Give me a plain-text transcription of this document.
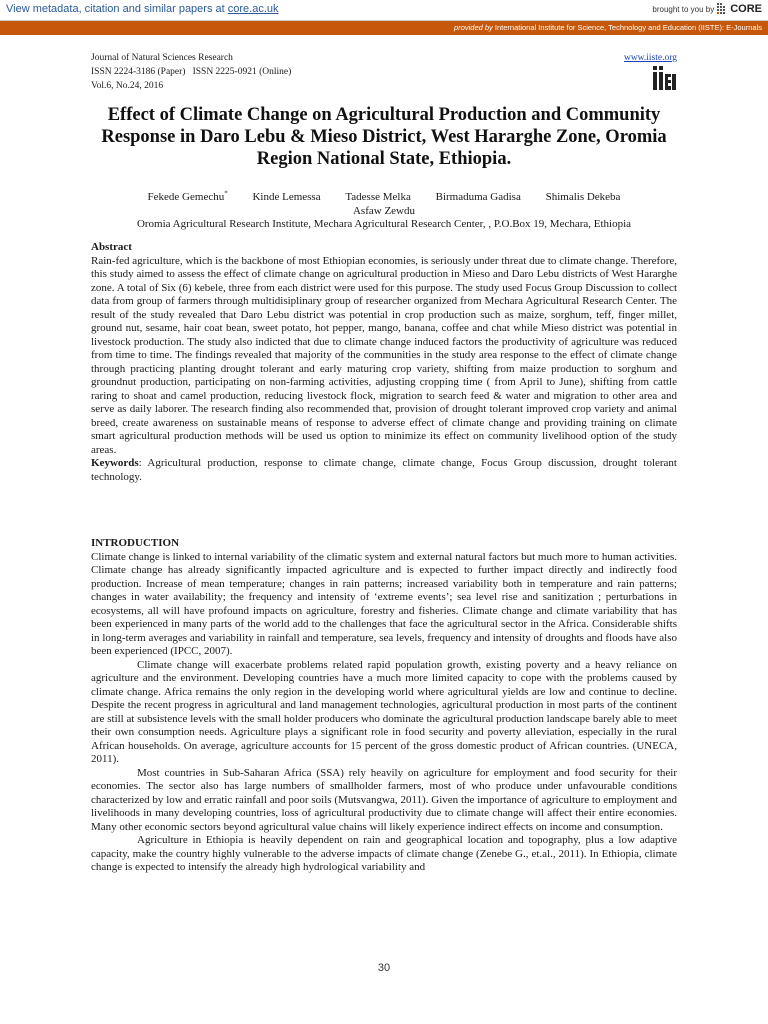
View metadata, citation and similar papers at core.ac.uk	brought to you by CORE
provided by International Institute for Science, Technology and Education (IISTE): E-Journals
Journal of Natural Sciences Research
ISSN 2224-3186 (Paper)   ISSN 2225-0921 (Online)
Vol.6, No.24, 2016
www.iiste.org
Effect of Climate Change on Agricultural Production and Community Response in Daro Lebu & Mieso District, West Hararghe Zone, Oromia Region National State, Ethiopia.
Fekede Gemechu* Kinde Lemessa Tadesse Melka Birmaduma Gadisa Shimalis Dekeba
Asfaw Zewdu
Oromia Agricultural Research Institute, Mechara Agricultural Research Center, , P.O.Box 19, Mechara, Ethiopia

Abstract

Rain-fed agriculture, which is the backbone of most Ethiopian economies, is seriously under threat due to climate change. Therefore, this study aimed to assess the effect of climate change on agricultural production in Mieso and Daro Lebu districts of West Hararghe zone. A total of Six (6) kebele, three from each district were used for this purpose. The study used Focus Group Discussion to collect data from group of farmers through multidisiplinary group of researcher organized from Mechara Agricultural Research Center. The result of the study revealed that Daro Lebu district was potential in crop production such as maize, sorghum, teff, finger millet, ground nut, sesame, hair coat bean, sweet potato, hot pepper, mango, banana, coffee and chat while Mieso district was potential in livestock production. The study also indicted that due to climate change induced factors the productivity of agriculture was reduced from time to time. The findings revealed that majority of the communities in the study area response to the effect of climate change through practicing planting drought tolerant and early maturing crop variety, shifting from maize production to sorghum and groundnut production, participating on non-farming activities, adjusting cropping time ( from April to June), shifting from cattle raring to shoat and camel production, reducing livestock flock, migration to search feed & water and migration to other area and serve as daily laborer. The research finding also recommended that, provision of drought tolerant improved crop variety and animal breed, create awareness on sustainable means of response to adverse effect of climate change and providing training on climate smart agricultural production methods will be used us option to minimize its effect on community livelihood option of the study areas.

Keywords: Agricultural production, response to climate change, climate change, Focus Group discussion, drought tolerant technology.

INTRODUCTION

Climate change is linked to internal variability of the climatic system and external natural factors but much more to human activities. Climate change has already significantly impacted agriculture and is expected to further impact directly and indirectly food production. Increase of mean temperature; changes in rain patterns; increased variability both in temperature and rain patterns; changes in water availability; the frequency and intensity of ‘extreme events’; sea level rise and sanitization ; perturbations in ecosystems, all will have profound impacts on agriculture, forestry and fisheries. Climate change and climate variability that has been experienced in many parts of the world add to the challenges that face the agricultural sector in the Africa. Considerable shifts in long-term averages and variability in rainfall and temperature, sea levels, frequency and intensity of droughts and floods have also been experienced (IPCC, 2007).

Climate change will exacerbate problems related rapid population growth, existing poverty and a heavy reliance on agriculture and the environment. Developing countries have a much more limited capacity to cope with the problems caused by climate change. Africa remains the only region in the developing world where agricultural yields are low and continue to decline. Despite the recent progress in agricultural and land management technologies, agricultural production in most parts of the continent are still at subsistence levels with the small holder producers who dominate the agricultural production landscape barely able to meet their own consumption needs. Agriculture plays a significant role in food security and poverty alleviation, especially in the rural African households. On average, agriculture accounts for 15 percent of the gross domestic product of African countries. (UNECA, 2011).

Most countries in Sub-Saharan Africa (SSA) rely heavily on agriculture for employment and food security for their economies. The sector also has large numbers of smallholder farmers, most of who produce under unfavourable conditions characterized by low and erratic rainfall and poor soils (Mutsvangwa, 2011). Given the importance of agriculture to employment and livelihoods in many developing countries, loss of agricultural productivity due to climate change will affect their entire economies. Many other economic sectors beyond agricultural value chains will likely experience indirect effects on income and consumption.

Agriculture in Ethiopia is heavily dependent on rain and geographical location and topography, plus a low adaptive capacity, make the country highly vulnerable to the adverse impacts of climate change (Zenebe G., et.al., 2011). In Ethiopia, climate change is expected to intensify the already high hydrological variability and

30
